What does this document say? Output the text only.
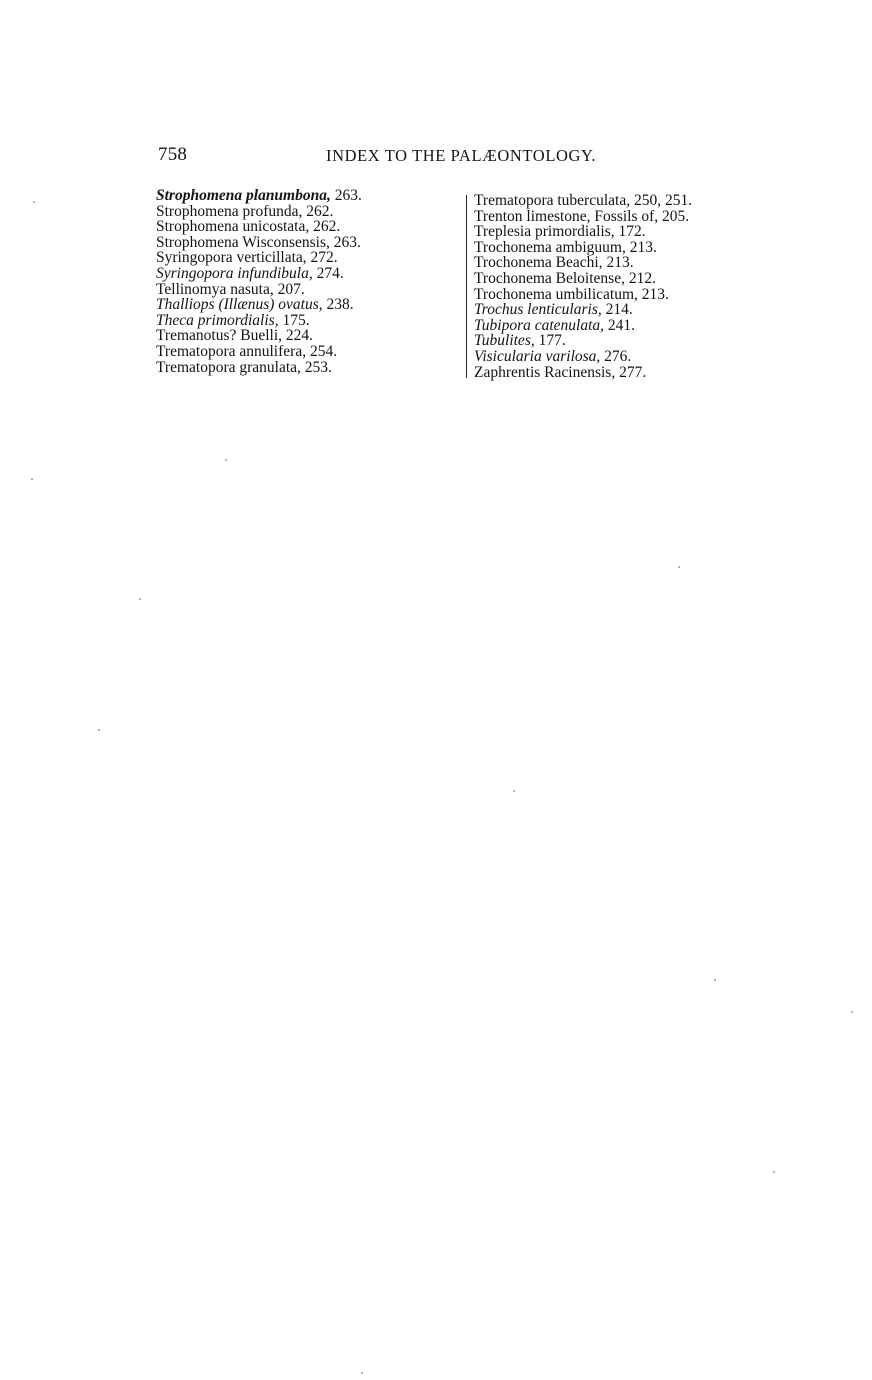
758	INDEX TO THE PALÆONTOLOGY.
Strophomena planumbona, 263.
Strophomena profunda, 262.
Strophomena unicostata, 262.
Strophomena Wisconsensis, 263.
Syringopora verticillata, 272.
Syringopora infundibula, 274.
Tellinomya nasuta, 207.
Thalliops (Illænus) ovatus, 238.
Theca primordialis, 175.
Tremanotus? Buelli, 224.
Trematopora annulifera, 254.
Trematopora granulata, 253.
Trematopora tuberculata, 250, 251.
Trenton limestone, Fossils of, 205.
Treplesia primordialis, 172.
Trochonema ambiguum, 213.
Trochonema Beachi, 213.
Trochonema Beloitense, 212.
Trochonema umbilicatum, 213.
Trochus lenticularis, 214.
Tubipora catenulata, 241.
Tubulites, 177.
Visicularia varilosa, 276.
Zaphrentis Racinensis, 277.
